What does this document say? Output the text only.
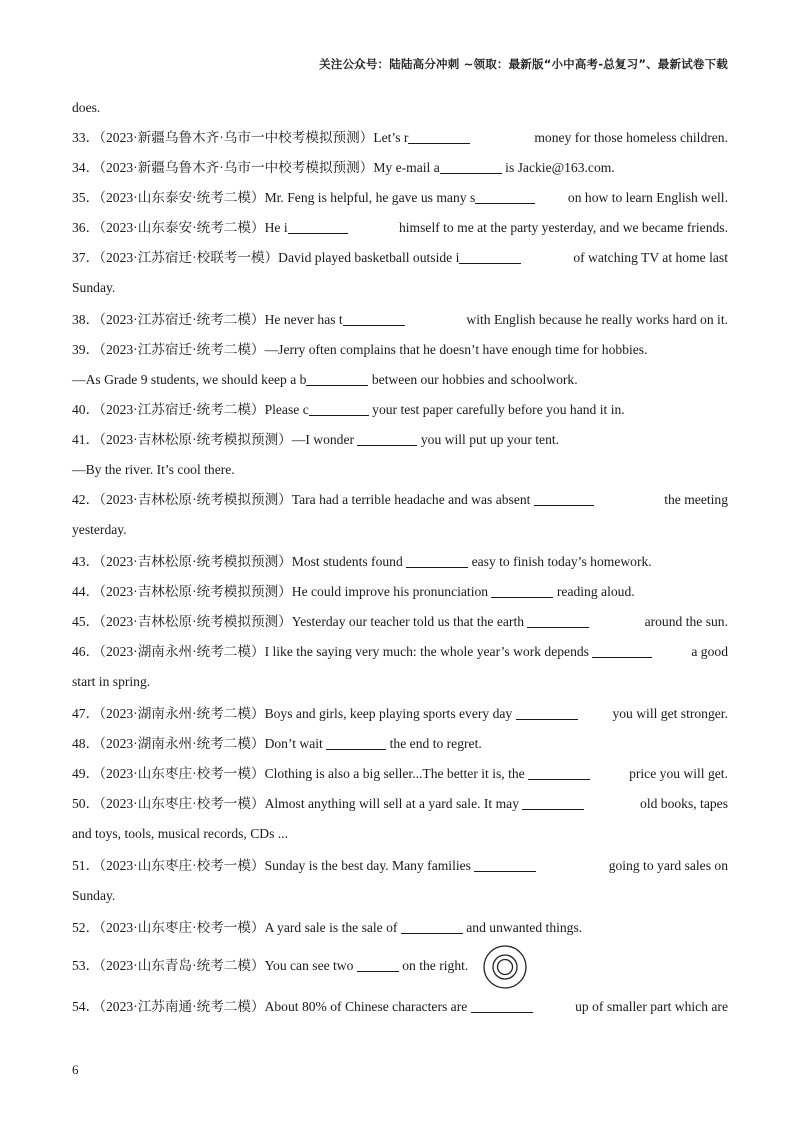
关注公众号：陆陆高分冲刺 ~领取：最新版“小中高考-总复习”、最新试卷下载
does.
33．（2023·新疆乌鲁木齐·乌市一中校考模拟预测）Let’s r	money for those homeless children.
34．（2023·新疆乌鲁木齐·乌市一中校考模拟预测）My e-mail a	is Jackie@163.com.
35．（2023·山东泰安·统考二模）Mr. Feng is helpful, he gave us many s	on how to learn English well.
36．（2023·山东泰安·统考二模）He i	himself to me at the party yesterday, and we became friends.
37．（2023·江苏宿迁·校联考一模）David played basketball outside i	of watching TV at home last
Sunday.
38．（2023·江苏宿迁·统考二模）He never has t	with English because he really works hard on it.
39．（2023·江苏宿迁·统考二模）—Jerry often complains that he doesn’t have enough time for hobbies.
—As Grade 9 students, we should keep a b	between our hobbies and schoolwork.
40．（2023·江苏宿迁·统考二模）Please c	your test paper carefully before you hand it in.
41．（2023·吉林松原·统考模拟预测）—I wonder	you will put up your tent.
—By the river. It’s cool there.
42．（2023·吉林松原·统考模拟预测）Tara had a terrible headache and was absent	the meeting
yesterday.
43．（2023·吉林松原·统考模拟预测）Most students found	easy to finish today’s homework.
44．（2023·吉林松原·统考模拟预测）He could improve his pronunciation	reading aloud.
45．（2023·吉林松原·统考模拟预测）Yesterday our teacher told us that the earth	around the sun.
46．（2023·湖南永州·统考二模）I like the saying very much: the whole year’s work depends	a good
start in spring.
47．（2023·湖南永州·统考二模）Boys and girls, keep playing sports every day	you will get stronger.
48．（2023·湖南永州·统考二模）Don’t wait	the end to regret.
49．（2023·山东枣庄·校考一模）Clothing is also a big seller...The better it is, the	price you will get.
50．（2023·山东枣庄·校考一模）Almost anything will sell at a yard sale. It may	old books, tapes
and toys, tools, musical records, CDs ...
51．（2023·山东枣庄·校考一模）Sunday is the best day. Many families	going to yard sales on
Sunday.
52．（2023·山东枣庄·校考一模）A yard sale is the sale of	and unwanted things.
53．（2023·山东青岛·统考二模）You can see two	on the right.
54．（2023·江苏南通·统考二模）About 80% of Chinese characters are	up of smaller part which are
6
